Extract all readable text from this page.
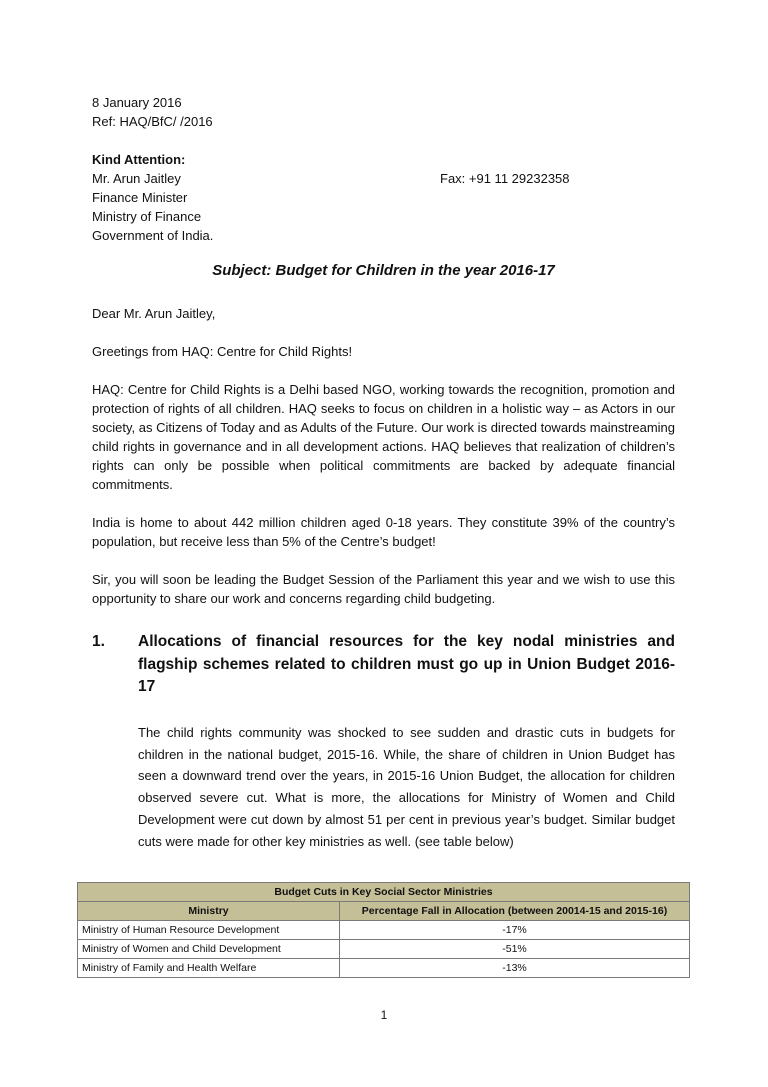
8 January 2016
Ref: HAQ/BfC/ /2016
Kind Attention:
Mr. Arun Jaitley	Fax: +91 11 29232358
Finance Minister
Ministry of Finance
Government of India.
Subject: Budget for Children in the year 2016-17
Dear Mr. Arun Jaitley,
Greetings from HAQ: Centre for Child Rights!
HAQ: Centre for Child Rights is a Delhi based NGO, working towards the recognition, promotion and protection of rights of all children. HAQ seeks to focus on children in a holistic way – as Actors in our society, as Citizens of Today and as Adults of the Future. Our work is directed towards mainstreaming child rights in governance and in all development actions. HAQ believes that realization of children’s rights can only be possible when political commitments are backed by adequate financial commitments.
India is home to about 442 million children aged 0-18 years. They constitute 39% of the country’s population, but receive less than 5% of the Centre’s budget!
Sir, you will soon be leading the Budget Session of the Parliament this year and we wish to use this opportunity to share our work and concerns regarding child budgeting.
1. Allocations of financial resources for the key nodal ministries and flagship schemes related to children must go up in Union Budget 2016-17
The child rights community was shocked to see sudden and drastic cuts in budgets for children in the national budget, 2015-16. While, the share of children in Union Budget has seen a downward trend over the years, in 2015-16 Union Budget, the allocation for children observed severe cut. What is more, the allocations for Ministry of Women and Child Development were cut down by almost 51 per cent in previous year’s budget. Similar budget cuts were made for other key ministries as well. (see table below)
Budget Cuts in Key Social Sector Ministries	
Ministry	Percentage Fall in Allocation (between 20014-15 and 2015-16)
Ministry of Human Resource Development	-17%
Ministry of Women and Child Development	-51%
Ministry of Family and Health Welfare	-13%
1
